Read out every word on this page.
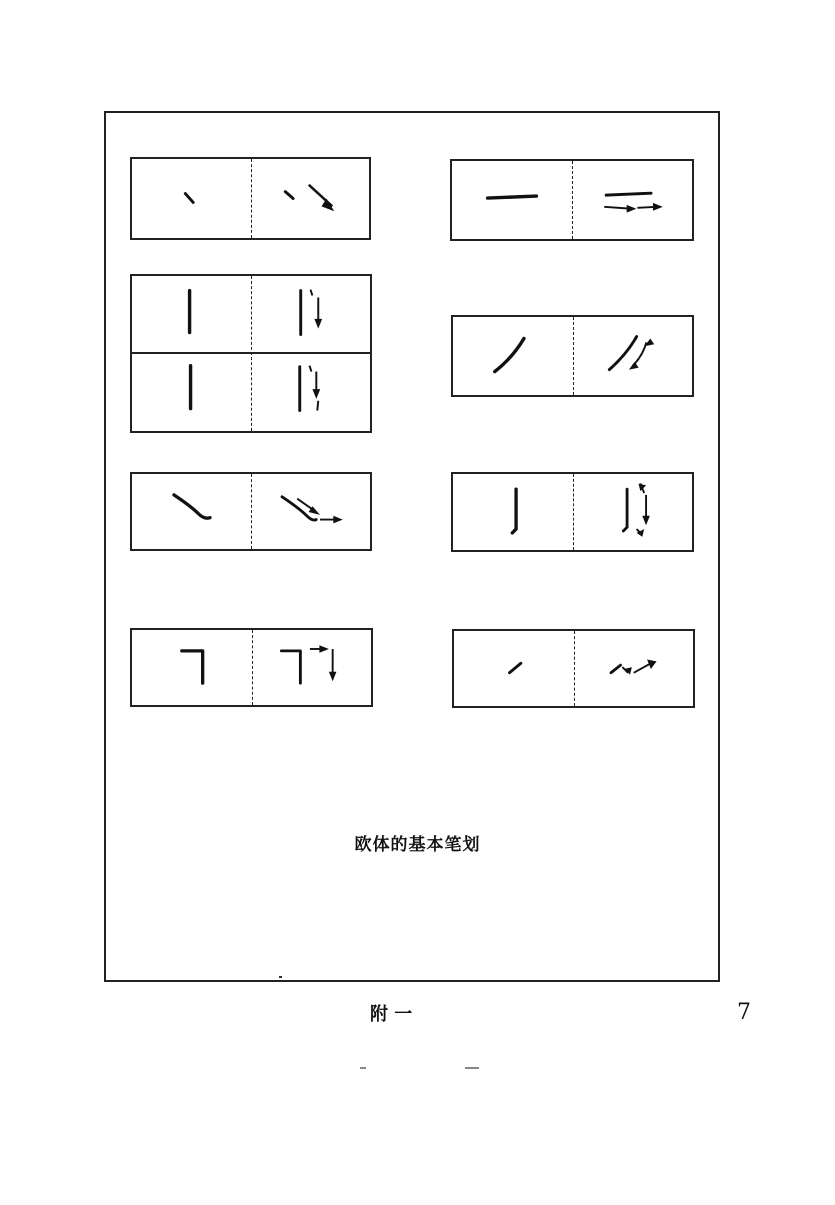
欧体的基本笔划
附 一	7
